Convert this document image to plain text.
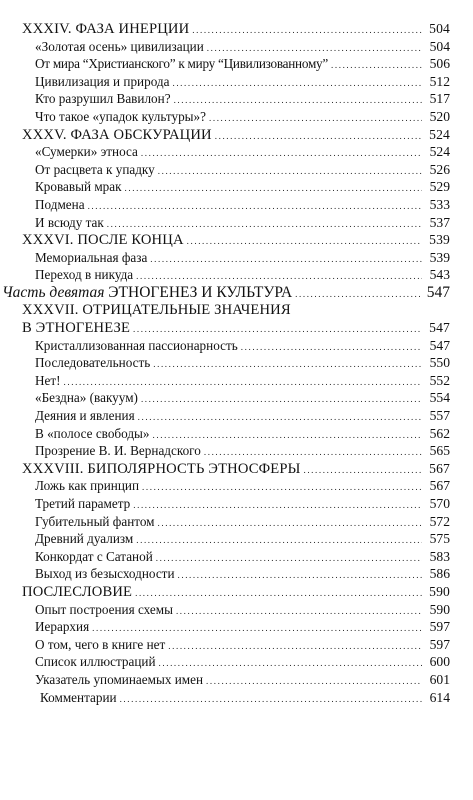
XXXIV. ФАЗА ИНЕРЦИИ .....	504
«Золотая осень» цивилизации .....	504
От мира “Христианского” к миру “Цивилизованному” .....	506
Цивилизация и природа .....	512
Кто разрушил Вавилон? .....	517
Что такое «упадок культуры»? .....	520
XXXV. ФАЗА ОБСКУРАЦИИ .....	524
«Сумерки» этноса .....	524
От расцвета к упадку .....	526
Кровавый мрак .....	529
Подмена .....	533
И всюду так .....	537
XXXVI. ПОСЛЕ КОНЦА .....	539
Мемориальная фаза .....	539
Переход в никуда .....	543
Часть девятая ЭТНОГЕНЕЗ И КУЛЬТУРА .....	547
XXXVII. ОТРИЦАТЕЛЬНЫЕ ЗНАЧЕНИЯ
В ЭТНОГЕНЕЗЕ .....	547
Кристаллизованная пассионарность .....	547
Последовательность .....	550
Нет! .....	552
«Бездна» (вакуум) .....	554
Деяния и явления .....	557
В «полосе свободы» .....	562
Прозрение В. И. Вернадского .....	565
XXXVIII. БИПОЛЯРНОСТЬ ЭТНОСФЕРЫ .....	567
Ложь как принцип .....	567
Третий параметр .....	570
Губительный фантом .....	572
Древний дуализм .....	575
Конкордат с Сатаной .....	583
Выход из безысходности .....	586
ПОСЛЕСЛОВИЕ .....	590
Опыт построения схемы .....	590
Иерархия .....	597
О том, чего в книге нет .....	597
Список иллюстраций .....	600
Указатель упоминаемых имен .....	601
Комментарии .....	614
